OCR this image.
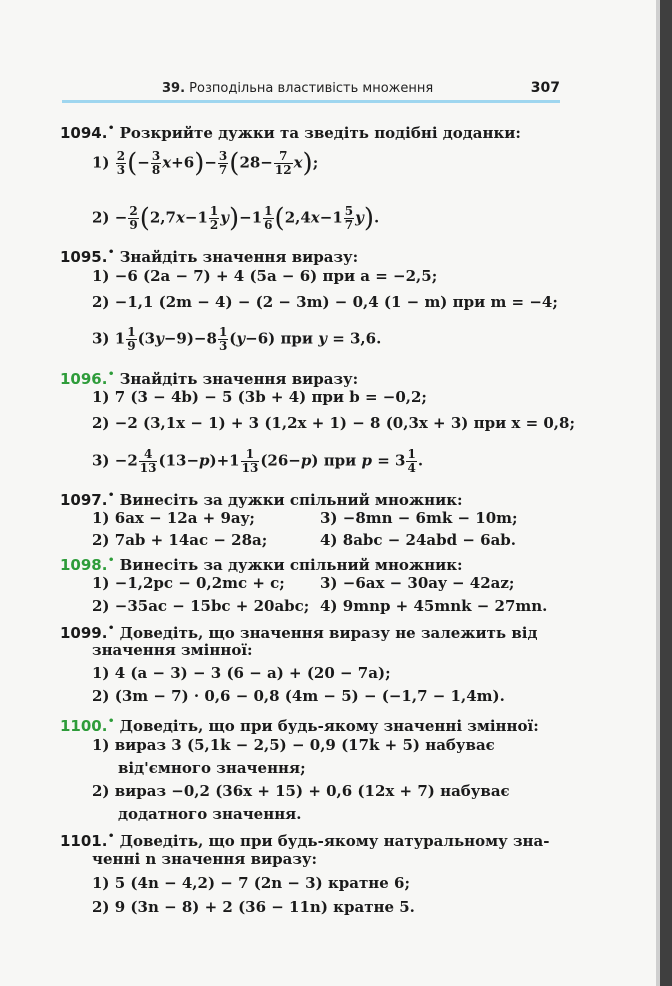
39. Розподільна властивість множення	307
1094.• Розкрийте дужки та зведіть подібні доданки:
$1) \frac{2}{3}$ (− $\frac{3}{8} x+6)- \frac{3}{7} (28- \frac{7}{12} x)$;
$2) - \frac{2}{9} (2,7x-1 \frac{1}{2} y)-1 \frac{1}{6} (2,4x-1 \frac{5}{7} y)$.
1095.• Знайдіть значення виразу:
1) −6 (2a − 7) + 4 (5a − 6) при a = −2,5;
2) −1,1 (2m − 4) − (2 − 3m) − 0,4 (1 − m) при m = −4;
3) $1 \frac{1}{9} (3y-9)-8 \frac{1}{3} (y-6)$ при y = 3,6.
1096.• Знайдіть значення виразу:
1) 7 (3 − 4b) − 5 (3b + 4) при b = −0,2;
2) −2 (3,1x − 1) + 3 (1,2x + 1) − 8 (0,3x + 3) при x = 0,8;
$3) -2 \frac{4}{13} (13-p)+1 \frac{1}{13} (26-p)$ при $p = 3 \frac{1}{4}$ .
1097.• Винесіть за дужки спільний множник:
1) 6ax − 12a + 9ay;	3) −8mn − 6mk − 10m;
2) 7ab + 14ac − 28a;	4) 8abc − 24abd − 6ab.
1098.• Винесіть за дужки спільний множник:
1) −1,2pc − 0,2mc + c; 3) −6ax − 30ay − 42az;
2) −35ac − 15bc + 20abc; 4) 9mnp + 45mnk − 27mn.
1099.• Доведіть, що значення виразу не залежить від
значення змінної:
1) 4 (a − 3) − 3 (6 − a) + (20 − 7a);
2) (3m − 7) · 0,6 − 0,8 (4m − 5) − (−1,7 − 1,4m).
1100.• Доведіть, що при будь-якому значенні змінної:
1) вираз 3 (5,1k − 2,5) − 0,9 (17k + 5) набуває
від'ємного значення;
2) вираз −0,2 (36x + 15) + 0,6 (12x + 7) набуває
додатного значення.
1101.• Доведіть, що при будь-якому натуральному зна-
ченні n значення виразу:
1) 5 (4n − 4,2) − 7 (2n − 3) кратне 6;
2) 9 (3n − 8) + 2 (36 − 11n) кратне 5.
